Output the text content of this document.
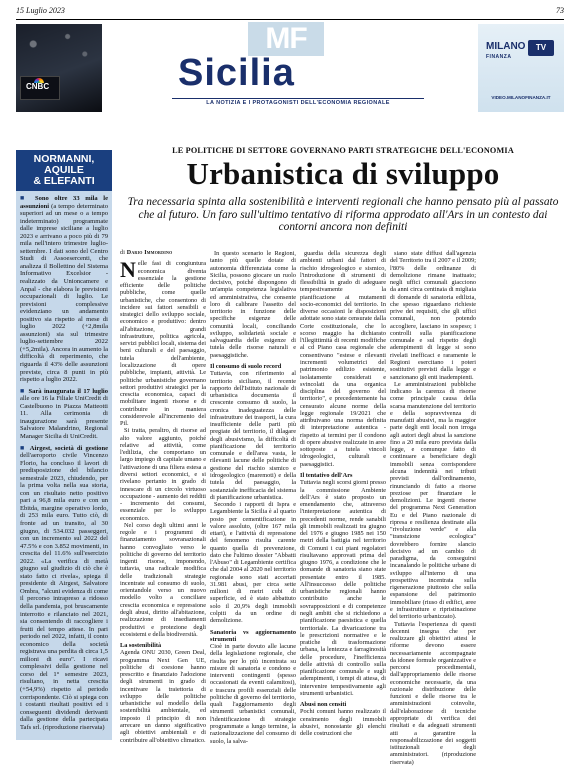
15 Luglio 2023	73
CNBC
MF
Sicilia
LA NOTIZIA E I PROTAGONISTI DELL'ECONOMIA REGIONALE
MILANO
FINANZA
TV
VIDEO.MILANOFINANZA.IT
NORMANNI,
AQUILE
& ELEFANTI
■ Sono oltre 33 mila le assunzioni (a tempo determinato superiori ad un mese o a tempo indeterminato) programmate dalle imprese siciliane a luglio 2023 e arrivano a poco più di 79 mila nell'intero trimestre luglio-settembre. I dati sono del Centro Studi di Assoesercenti, che analizza il Bollettino del Sistema Informativo Excelsior - realizzato da Unioncamere e Anpal - che elabora le previsioni occupazionali di luglio. Le previsioni complessive evidenziano un andamento positivo sia rispetto al mese di luglio 2022 (+2,8mila assunzioni) sia sul trimestre luglio-settembre 2022 (+5,2mila). Ancora in aumento la difficoltà di reperimento, che riguarda il 43% delle assunzioni previste, circa 8 punti in più rispetto a luglio 2022.
■ Sarà inaugurata il 17 luglio alle ore 16 la Filiale UniCredit di Castelbuono in Piazza Matteotti 11. Alla cerimonia di inaugurazione sarà presente Salvatore Malandrino, Regional Manager Sicilia di UniCredit.
■ Airgest, società di gestione dell'aeroporto civile Vincenzo Florio, ha concluso il lavori di predisposizione del bilancio semestrale 2023, chiudendo, per la prima volta nella sua storia, con un risultato netto positivo pari a 96,8 mila euro e con un Ebitda, margine operativo lordo, di 253 mila euro. Tutto ciò, di fronte ad un transito, al 30 giugno, di 534.032 passeggeri, con un incremento sul 2022 del 47.5% e con 3.852 movimenti, in crescita del 11.6% sull'esercizio 2022. «La verifica di metà giugno sul giudizio di ciò che è stato fatto ci rivela», spiega il presidente di Airgest, Salvatore Ombra, "alcuni evidenza di come il percorso intrapreso a ridosso della pandemia, poi bruscamente interrotto e rilanciato nel 2021, sia consentendo di raccogliere i frutti del tempo attese. In pari periodo nel 2022, infatti, il conto economico della società registrava una perdita di circa 1,5 milioni di euro". I ricavi complessivi della gestione nel corso del 1° semestre 2023, risultano, in netta crescita (+54,9%) rispetto al periodo corrispondente. Ciò si spiega con i costanti risultati positivi ed i conseguenti dividendi derivanti dalla gestione della partecipata Tafs srl. (riproduzione riservata)
LE POLITICHE DI SETTORE GOVERNANO PARTI STRATEGICHE DELL'ECONOMIA
Urbanistica di sviluppo
Tra necessaria spinta alla sostenibilità e interventi regionali che hanno pensato più al passato che al futuro. Un faro sull'ultimo tentativo di riforma approdato all'Ars in un contesto dai contorni ancora non definiti
di Dario Immordino
N elle fasi di congiuntura economica diventa essenziale la gestione efficiente delle politiche pubbliche, come quelle urbanistiche, che consentono di incidere sui fattori sensibili e strategici dello sviluppo sociale, economico e produttivo: dentro all'abitazione, grandi infrastrutture, politica agricola, servizi pubblici locali, sistema dei beni culturali e del paesaggio, tutela dell'ambiente, localizzazione di opere pubbliche, impianti, attività. Le politiche urbanistiche governano settori produttivi strategici per la crescita economica, capaci di mobilitare ingenti risorse e di contribuire in maniera considerevole all'incremento del Pil.

Si tratta, peraltro, di risorse ad alto valore aggiunto, poiché relative ad attività, come l'edilizia, che comportano un largo impiego di capitale umano e l'attivazione di una filiera estesa a diversi settori economici, e si rivelano pertanto in grado di innescare di un circolo virtuoso occupazione - aumento dei redditi - incremento dei consumi, essenziale per lo sviluppo economico.

Nel corso degli ultimi anni le regole e i programmi di finanziamento sovranazionali hanno convogliato verso le politiche di governo del territorio ingenti risorse, imponendo, tuttavia, una radicale modifica delle tradizionali strategie incentrate sul consumo di suolo, orientandole verso un nuovo modello volto a conciliare crescita economica e repressione degli abusi, diritto all'abitazione, realizzazione di insediamenti produttivi e protezione degli ecosistemi e della biodiversità.

La sostenibilità

Agenda ONU 2030, Green Deal, programma Next Gen UE, politiche di coesione hanno prescritto e finanziato l'adozione degli strumenti in grado di incentivare la traiettoria di sviluppo delle politiche urbanistiche sul modello della sostenibilità ambientale, ed imposto il principio di non arrecare un danno significativo agli obiettivi ambientali e di contribuire all'obiettivo climatico.

In questo scenario le Regioni, tanto più quelle dotate di autonomia differenziata come la Sicilia, possono giocare un ruolo decisivo, poiché dispongono di un'ampia competenza legislativa ed amministrativa, che consente loro di calibrare l'assetto del territorio in funzione delle specifiche esigenze delle comunità locali, conciliando sviluppo, solidarietà sociale e salvaguardia delle esigenze di tutela delle risorse naturali e paesaggistiche.

Il consumo di suolo record

Tuttavia, con riferimento al territorio siciliano, il recente rapporto dell'Istituto nazionale di urbanistica documenta il crescente consumo di suolo, la cronica inadeguatezza delle infrastrutture dei trasporti, la cura insufficiente delle parti più pregiate del territorio, il dilagare degli abusivismo, la difficoltà di pianificazione del territorio comunale e dell'area vasta, le rilevanti lacune delle politiche di gestione del rischio sismico e idrogeologico (maremoti) e della tutela del paesaggio, la sostanziale inefficacia del sistema di pianificazione urbanistica.

Secondo i rapporti di Ispra e Legambiente la Sicilia è al quarto posto per cementificazione in valore assoluto, (oltre 167 mila ettari), e l'attività di repressione del fenomeno risulta carente quanto quella di prevenzione, dato che l'ultimo dossier "Abbatti l'Abuso" di Legambiente certifica che dal 2004 al 2020 nel territorio regionale sono stati accertati 31.981 abusi, per circa sette milioni di metri cubi di superficie, ed è stato abbattuto solo il 20,9% degli immobili colpiti da un ordine di demolizione.

Sanatoria vs aggiornamento strumenti

Cioè in parte dovuto alle lacune della legislazione regionale, che risulta per lo più incentrata su misure di sanatoria e condono e interventi contingenti (spesso occasionati da eventi calamitosi), e trascura profili essenziali delle politiche di governo del territorio, quali l'aggiornamento degli strumenti urbanistici comunali, l'identificazione di strategie programmate a lungo termine, la razionalizzazione del consumo di suolo, la salva-

guardia della sicurezza degli ambienti urbani dal fattori di rischio idrogeologico e sismico, l'introduzione di strumenti di flessibilità in grado di adeguare tempestivamente la pianificazione ai mutamenti socio-economici del territorio. In diverse occasioni le disposizioni adottate sono state censurate dalla Corte costituzionale, che lo scorso maggio ha dichiarato l'illegittimità di recenti modifiche al cd Piano casa regionale che consentivano "estese e rilevanti incrementi volumetrici del patrimonio edilizio esistente, isolatamente considerati e svincolati da una organica disciplina del governo del territorio", e precedentemente ha censurato alcune norme della legge regionale 19/2021 che attribuivano una norma definita di interpretazione autentica - rispetto ai termini per il condono di opere abusive realizzate in aree sottoposte a tutela vincoli idrogeologici, culturali e paesaggistici.

Il tentativo dell'Ars

Tuttavia negli scorsi giorni presso la commissione Ambiente dell'Ars è stato proposto un emendamento che, attraverso l'interpretazione autentica di precedenti norme, rende sanabili gli immobili realizzati tra giugno del 1976 e giugno 1985 nei 150 metri della battigia nel territorio di Comuni i cui piani regolatori risultavano approvati prima del giugno 1976, a condizione che le domande di sanatoria siano state presentate entro il 1985. All'insuccesso delle politiche urbanistiche regionali hanno contribuito anche le sovrapposizioni e di competenze negli ambiti che si richiedono a pianificazione paesistica e quella territoriale. La divaricazione tra le prescrizioni normative e le pratiche di trasformazione urbana, la lentezza e farraginosità delle procedure, l'inefficienza delle attività di controllo sulla pianificazione comunale e sugli adempimenti, i tempi di attesa, di intervenire tempestivamente agli strumenti urbanistici.

Abusi non censiti

Pochi comuni hanno realizzato il censimento degli immobili abusivi, nonostante gli elenchi delle costruzioni che

siano state diffusi dall'agenzia del Territorio tra il 2007 e il 2009; l'80% delle ordinanze di demolizione rimane inattuato; negli uffici comunali giacciono da anni circa centinaia di migliaia di domande di sanatoria edilizia, che spesso riguardano richieste prive dei requisiti, che gli uffici comunali, non potendo accogliere, lasciano in sospeso; i controlli sulla pianificazione comunale e sul rispetto degli adempimenti di legge si sono rivelati inefficaci e raramente le Regioni esercitano i poteri sostitutivi previsti dalla legge e sanzionano gli enti inadempienti.

Le amministrazioni pubbliche indicano la carenza di risorse come principale causa della scarsa manutenzione del territorio e della sopravvivenza di manufatti abusivi, ma la maggior parte degli enti locali non irroga agli autori degli abusi la sanzione fino a 20 mila euro prevista dalla legge, e comunque fatto di continuare a beneficiare degli immobili senza corrispondere alcuna indennità nei tributi previsti dall'ordinamento, rinunciando di fatto a risorse preziose per finanziare le demolizioni. Le ingenti risorse del programma Next Generation Eu e del Piano nazionale di ripresa e resilienza destinate alla "rivoluzione verde" e alla "transizione ecologica" dovrebbero fornire slancio decisivo ad un cambio di paradigma, da conseguirsi incanalando le politiche urbane di sviluppo all'interno di una prospettiva incentrata sulla rigenerazione piuttosto che sulla espansione del patrimonio immobiliare (riuso di edifici, aree e infrastrutture e ripristinazione del territorio urbanizzato).

Tuttavia l'esperienza di questi decenni insegna che per realizzare gli obiettivi attesi le riforme devono essere necessariamente accompagnate da idonee formule organizzative e percorsi procedimentali, dall'appropriamento delle risorse economiche necessarie, da una razionale distribuzione delle funzioni e delle risorse tra le amministrazioni coinvolte, dall'elaborazione di tecniche appropriate di verifica dei risultati e da adeguati strumenti atti a garantire la responsabilizzazione dei soggetti istituzionali e degli amministratori. (riproduzione riservata)
